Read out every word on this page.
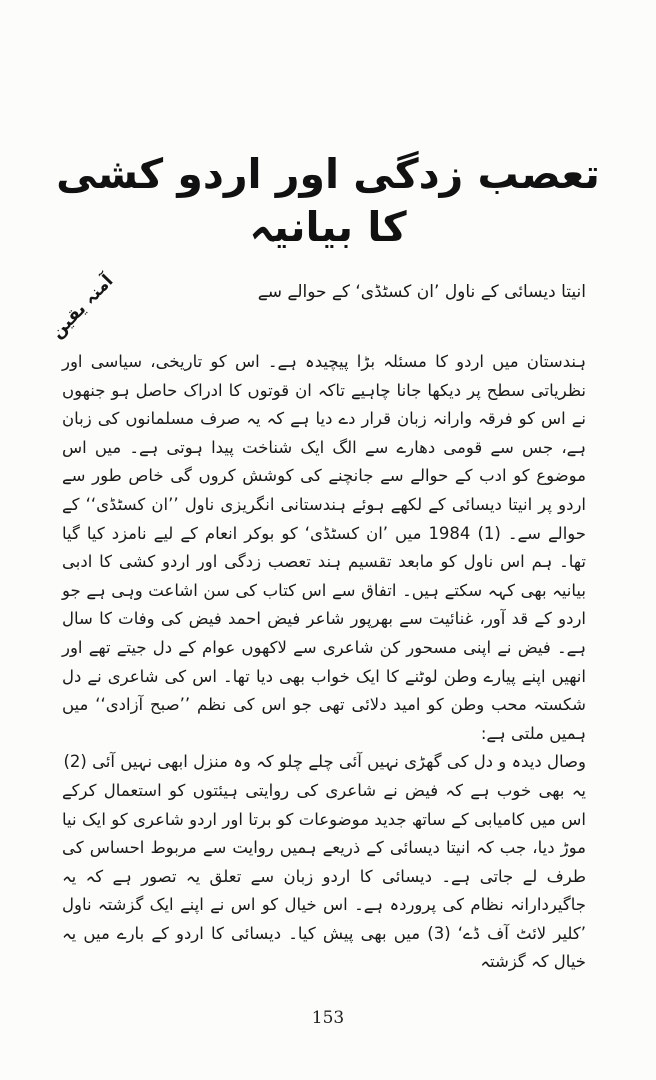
تعصب زدگی اور اردو کشی کا بیانیہ
انیتا دیسائی کے ناول ’ان کسٹڈی‘ کے حوالے سے
آمنہ یقین

ہندستان میں اردو کا مسئلہ بڑا پیچیدہ ہے۔ اس کو تاریخی، سیاسی اور نظریاتی سطح پر دیکھا جانا چاہیے تاکہ ان قوتوں کا ادراک حاصل ہو جنھوں نے اس کو فرقہ وارانہ زبان قرار دے دیا ہے کہ یہ صرف مسلمانوں کی زبان ہے، جس سے قومی دھارے سے الگ ایک شناخت پیدا ہوتی ہے۔ میں اس موضوع کو ادب کے حوالے سے جانچنے کی کوشش کروں گی خاص طور سے اردو پر انیتا دیسائی کے لکھے ہوئے ہندستانی انگریزی ناول ’’ان کسٹڈی‘‘ کے حوالے سے۔ (1) 1984 میں ’ان کسٹڈی‘ کو بوکر انعام کے لیے نامزد کیا گیا تھا۔ ہم اس ناول کو مابعد تقسیم ہند تعصب زدگی اور اردو کشی کا ادبی بیانیہ بھی کہہ سکتے ہیں۔ اتفاق سے اس کتاب کی سن اشاعت وہی ہے جو اردو کے قد آور، غنائیت سے بھرپور شاعر فیض احمد فیض کی وفات کا سال ہے۔ فیض نے اپنی مسحور کن شاعری سے لاکھوں عوام کے دل جیتے تھے اور انھیں اپنے پیارے وطن لوٹنے کا ایک خواب بھی دیا تھا۔ اس کی شاعری نے دل شکستہ محب وطن کو امید دلائی تھی جو اس کی نظم ’’صبح آزادی‘‘ میں ہمیں ملتی ہے:

وصال دیدہ و دل کی گھڑی نہیں آئی چلے چلو کہ وہ منزل ابھی نہیں آئی (2)

یہ بھی خوب ہے کہ فیض نے شاعری کی روایتی ہیئتوں کو استعمال کرکے اس میں کامیابی کے ساتھ جدید موضوعات کو برتا اور اردو شاعری کو ایک نیا موڑ دیا، جب کہ انیتا دیسائی کے ذریعے ہمیں روایت سے مربوط احساس کی طرف لے جاتی ہے۔ دیسائی کا اردو زبان سے تعلق یہ تصور ہے کہ یہ جاگیردارانہ نظام کی پروردہ ہے۔ اس خیال کو اس نے اپنے ایک گزشتہ ناول ’کلیر لائٹ آف ڈے‘ (3) میں بھی پیش کیا۔ دیسائی کا اردو کے بارے میں یہ خیال کہ گزشتہ

153
